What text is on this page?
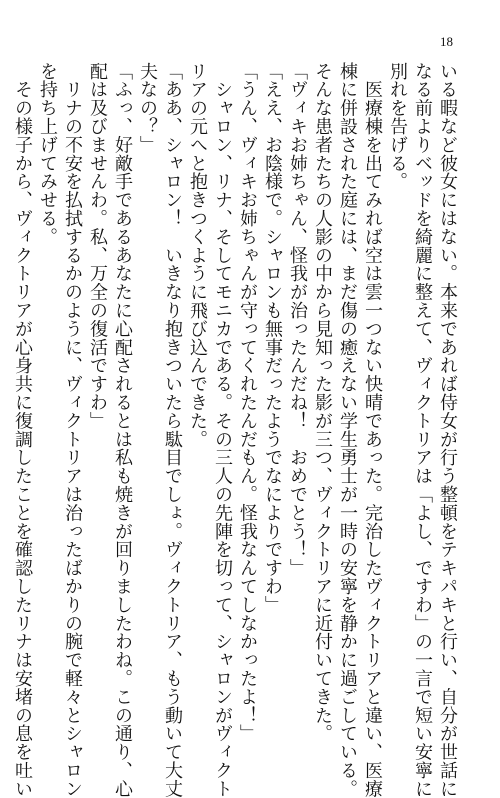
18
いる暇など彼女にはない。本来であれば侍女が行う整頓をテキパキと行い、自分が世話に
なる前よりベッドを綺麗に整えて、ヴィクトリアは「よし、ですわ」の一言で短い安寧に
別れを告げる。
　医療棟を出てみれば空は雲一つない快晴であった。完治したヴィクトリアと違い、医療
棟に併設された庭には、まだ傷の癒えない学生勇士が一時の安寧を静かに過ごしている。
そんな患者たちの人影の中から見知った影が三つ、ヴィクトリアに近付いてきた。
「ヴィキお姉ちゃん、怪我が治ったんだね！　おめでとう！」
「ええ、お陰様で。シャロンも無事だったようでなによりですわ」
「うん、ヴィキお姉ちゃんが守ってくれたんだもん。怪我なんてしなかったよ！」
　シャロン、リナ、そしてモニカである。その三人の先陣を切って、シャロンがヴィクト
リアの元へと抱きつくように飛び込んできた。
「ああ、シャロン！　いきなり抱きついたら駄目でしょ。ヴィクトリア、もう動いて大丈
夫なの？」
「ふっ、好敵手であるあなたに心配されるとは私も焼きが回りましたわね。この通り、心
配は及びませんわ。私、万全の復活ですわ」
　リナの不安を払拭するかのように、ヴィクトリアは治ったばかりの腕で軽々とシャロン
を持ち上げてみせる。
　その様子から、ヴィクトリアが心身共に復調したことを確認したリナは安堵の息を吐い
